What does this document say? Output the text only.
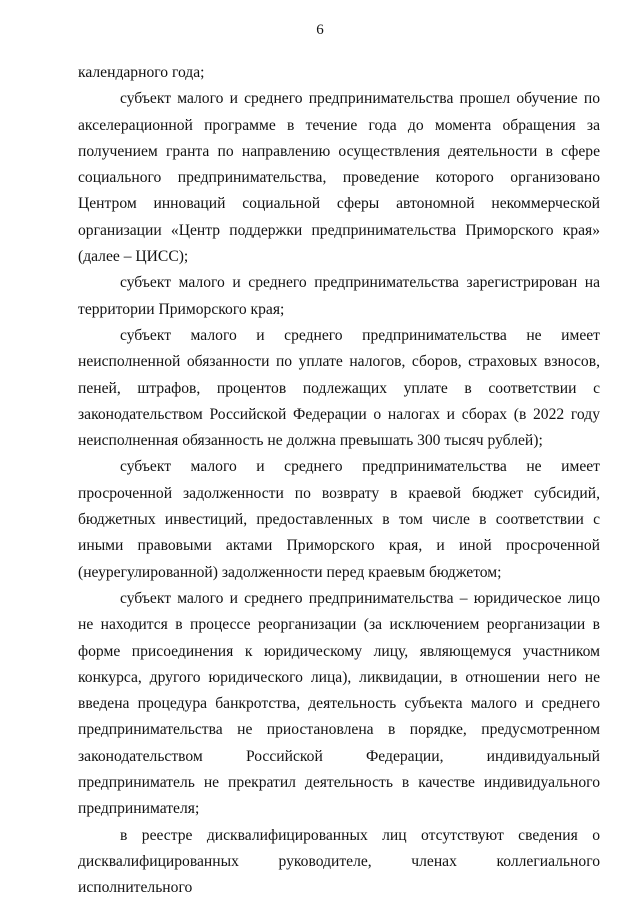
6

календарного года;

субъект малого и среднего предпринимательства прошел обучение по акселерационной программе в течение года до момента обращения за получением гранта по направлению осуществления деятельности в сфере социального предпринимательства, проведение которого организовано Центром инноваций социальной сферы автономной некоммерческой организации «Центр поддержки предпринимательства Приморского края» (далее – ЦИСС);

субъект малого и среднего предпринимательства зарегистрирован на территории Приморского края;

субъект малого и среднего предпринимательства не имеет неисполненной обязанности по уплате налогов, сборов, страховых взносов, пеней, штрафов, процентов подлежащих уплате в соответствии с законодательством Российской Федерации о налогах и сборах (в 2022 году неисполненная обязанность не должна превышать 300 тысяч рублей);

субъект малого и среднего предпринимательства не имеет просроченной задолженности по возврату в краевой бюджет субсидий, бюджетных инвестиций, предоставленных в том числе в соответствии с иными правовыми актами Приморского края, и иной просроченной (неурегулированной) задолженности перед краевым бюджетом;

субъект малого и среднего предпринимательства – юридическое лицо не находится в процессе реорганизации (за исключением реорганизации в форме присоединения к юридическому лицу, являющемуся участником конкурса, другого юридического лица), ликвидации, в отношении него не введена процедура банкротства, деятельность субъекта малого и среднего предпринимательства не приостановлена в порядке, предусмотренном законодательством Российской Федерации, индивидуальный предприниматель не прекратил деятельность в качестве индивидуального предпринимателя;

в реестре дисквалифицированных лиц отсутствуют сведения о дисквалифицированных руководителе, членах коллегиального исполнительного
